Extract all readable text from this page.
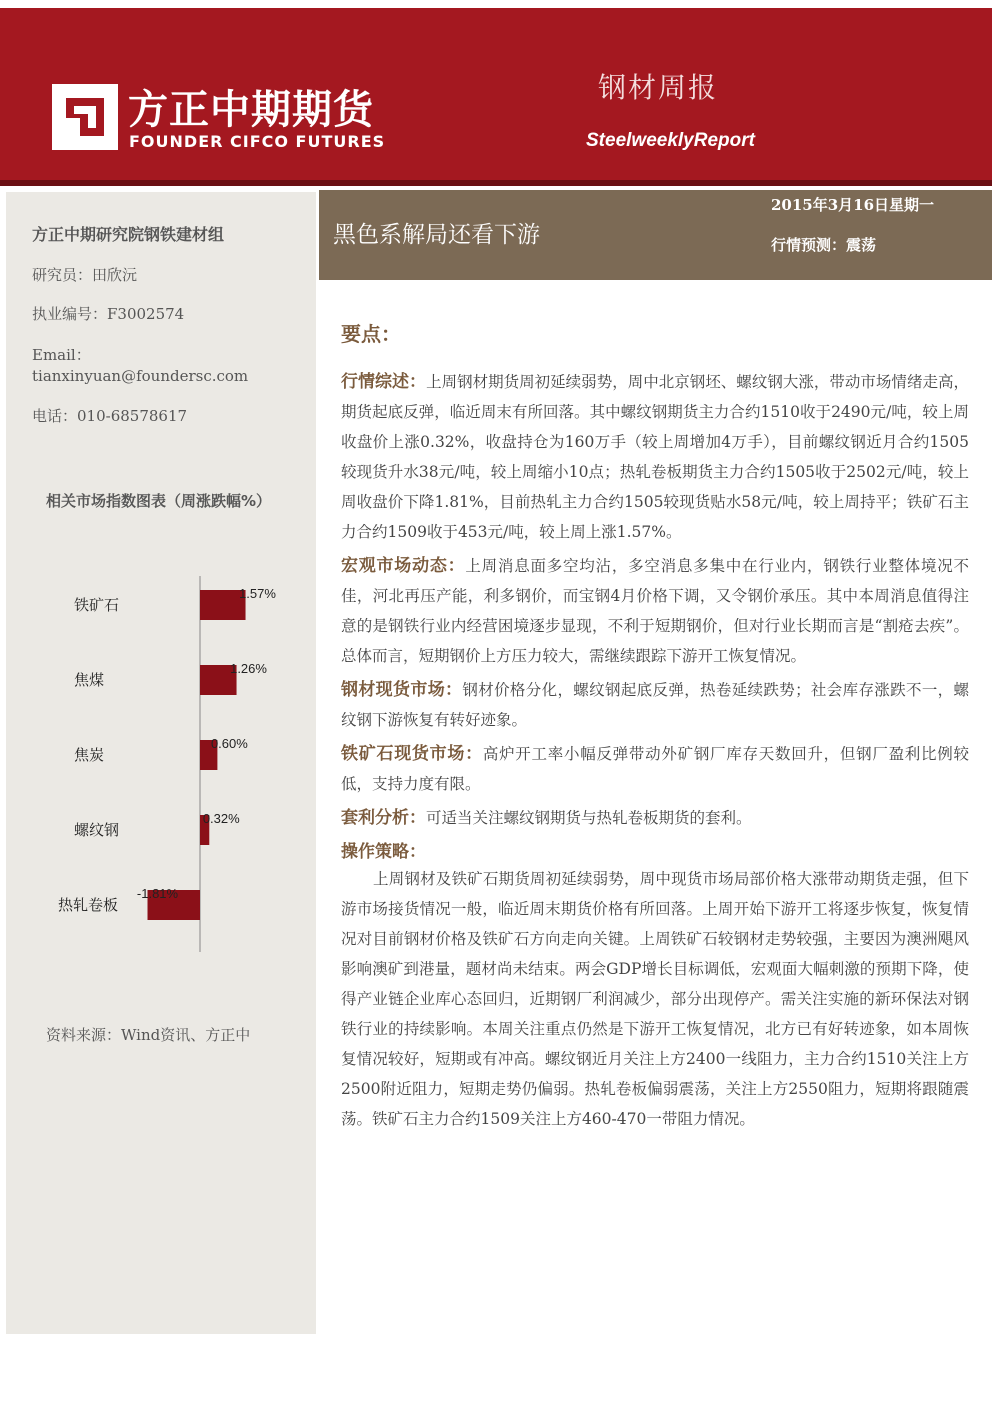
方正中期期货
FOUNDER CIFCO FUTURES
钢材周报
SteelweeklyReport
方正中期研究院钢铁建材组
研究员：田欣沅
执业编号：F3002574
Email：
tianxinyuan@foundersc.com
电话：010-68578617
相关市场指数图表（周涨跌幅%）
铁矿石
1.57%
焦煤
1.26%
焦炭
0.60%
螺纹钢
0.32%
热轧卷板
-1.81%
资料来源：Wind资讯、方正中
黑色系解局还看下游
2015年3月16日星期一
行情预测：震荡
要点：

行情综述：上周钢材期货周初延续弱势，周中北京钢坯、螺纹钢大涨，带动市场情绪走高，期货起底反弹，临近周末有所回落。其中螺纹钢期货主力合约1510收于2490元/吨，较上周收盘价上涨0.32%，收盘持仓为160万手（较上周增加4万手），目前螺纹钢近月合约1505较现货升水38元/吨，较上周缩小10点；热轧卷板期货主力合约1505收于2502元/吨，较上周收盘价下降1.81%，目前热轧主力合约1505较现货贴水58元/吨，较上周持平；铁矿石主力合约1509收于453元/吨，较上周上涨1.57%。

宏观市场动态：上周消息面多空均沾，多空消息多集中在行业内，钢铁行业整体境况不佳，河北再压产能，利多钢价，而宝钢4月价格下调，又令钢价承压。其中本周消息值得注意的是钢铁行业内经营困境逐步显现，不利于短期钢价，但对行业长期而言是“割疮去疾”。总体而言，短期钢价上方压力较大，需继续跟踪下游开工恢复情况。

钢材现货市场：钢材价格分化，螺纹钢起底反弹，热卷延续跌势；社会库存涨跌不一，螺纹钢下游恢复有转好迹象。

铁矿石现货市场：高炉开工率小幅反弹带动外矿钢厂库存天数回升，但钢厂盈利比例较低，支持力度有限。

套利分析：可适当关注螺纹钢期货与热轧卷板期货的套利。

操作策略：

上周钢材及铁矿石期货周初延续弱势，周中现货市场局部价格大涨带动期货走强，但下游市场接货情况一般，临近周末期货价格有所回落。上周开始下游开工将逐步恢复，恢复情况对目前钢材价格及铁矿石方向走向关键。上周铁矿石较钢材走势较强，主要因为澳洲飓风影响澳矿到港量，题材尚未结束。两会GDP增长目标调低，宏观面大幅刺激的预期下降，使得产业链企业库心态回归，近期钢厂利润减少，部分出现停产。需关注实施的新环保法对钢铁行业的持续影响。本周关注重点仍然是下游开工恢复情况，北方已有好转迹象，如本周恢复情况较好，短期或有冲高。螺纹钢近月关注上方2400一线阻力，主力合约1510关注上方2500附近阻力，短期走势仍偏弱。热轧卷板偏弱震荡，关注上方2550阻力，短期将跟随震荡。铁矿石主力合约1509关注上方460-470一带阻力情况。
